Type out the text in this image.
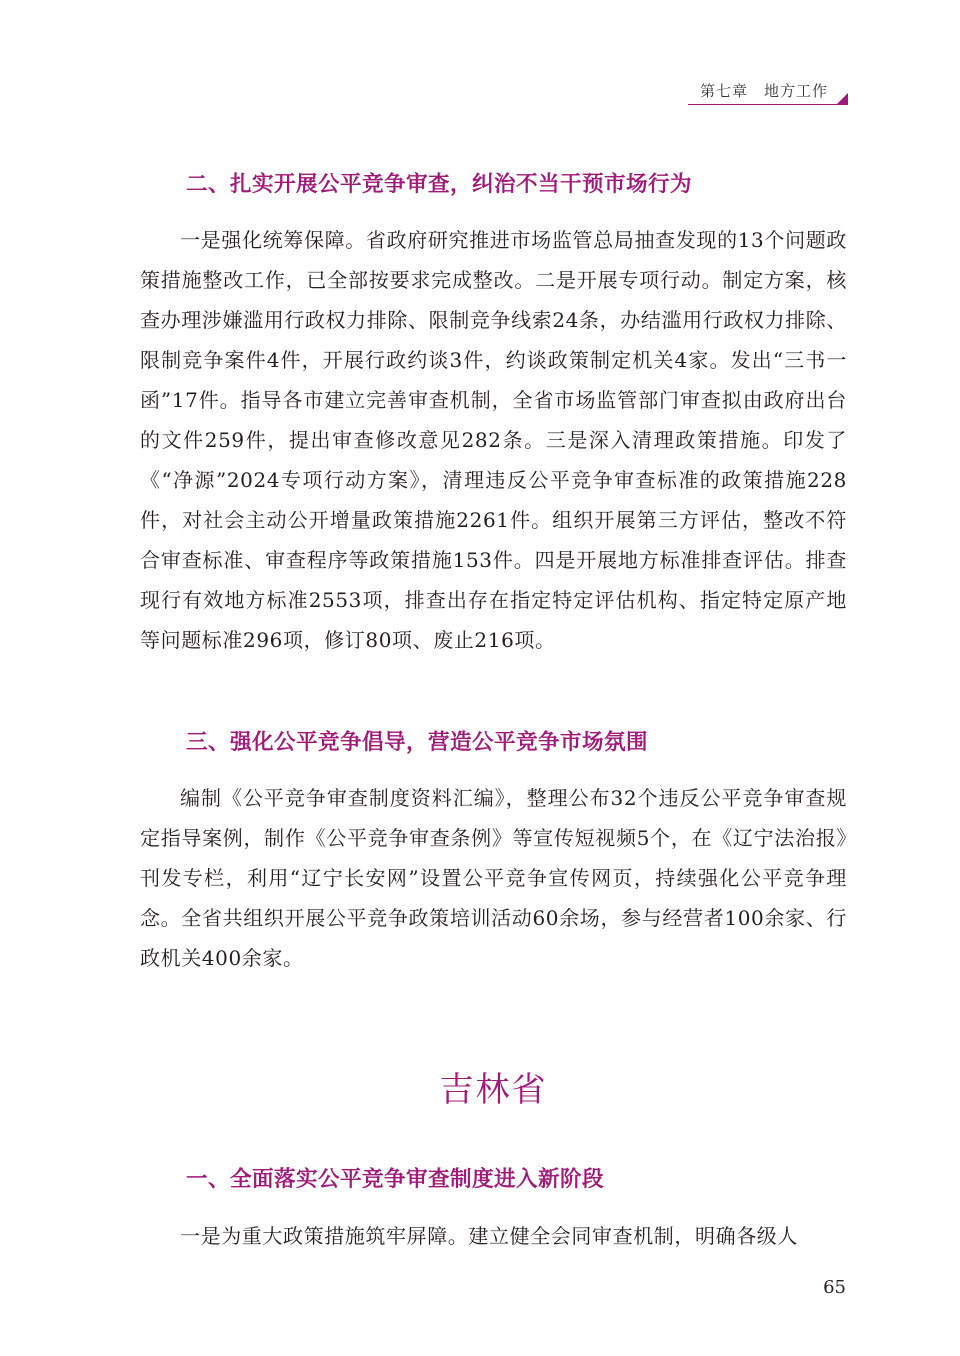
第七章　地方工作
二、扎实开展公平竞争审查，纠治不当干预市场行为

一是强化统筹保障。省政府研究推进市场监管总局抽查发现的13个问题政策措施整改工作，已全部按要求完成整改。二是开展专项行动。制定方案，核查办理涉嫌滥用行政权力排除、限制竞争线索24条，办结滥用行政权力排除、限制竞争案件4件，开展行政约谈3件，约谈政策制定机关4家。发出“三书一函”17件。指导各市建立完善审查机制，全省市场监管部门审查拟由政府出台的文件259件，提出审查修改意见282条。三是深入清理政策措施。印发了《“净源”2024专项行动方案》，清理违反公平竞争审查标准的政策措施228件，对社会主动公开增量政策措施2261件。组织开展第三方评估，整改不符合审查标准、审查程序等政策措施153件。四是开展地方标准排查评估。排查现行有效地方标准2553项，排查出存在指定特定评估机构、指定特定原产地等问题标准296项，修订80项、废止216项。

三、强化公平竞争倡导，营造公平竞争市场氛围

编制《公平竞争审查制度资料汇编》，整理公布32个违反公平竞争审查规定指导案例，制作《公平竞争审查条例》等宣传短视频5个，在《辽宁法治报》刊发专栏，利用“辽宁长安网”设置公平竞争宣传网页，持续强化公平竞争理念。全省共组织开展公平竞争政策培训活动60余场，参与经营者100余家、行政机关400余家。

吉林省
一、全面落实公平竞争审查制度进入新阶段

一是为重大政策措施筑牢屏障。建立健全会同审查机制，明确各级人

65
